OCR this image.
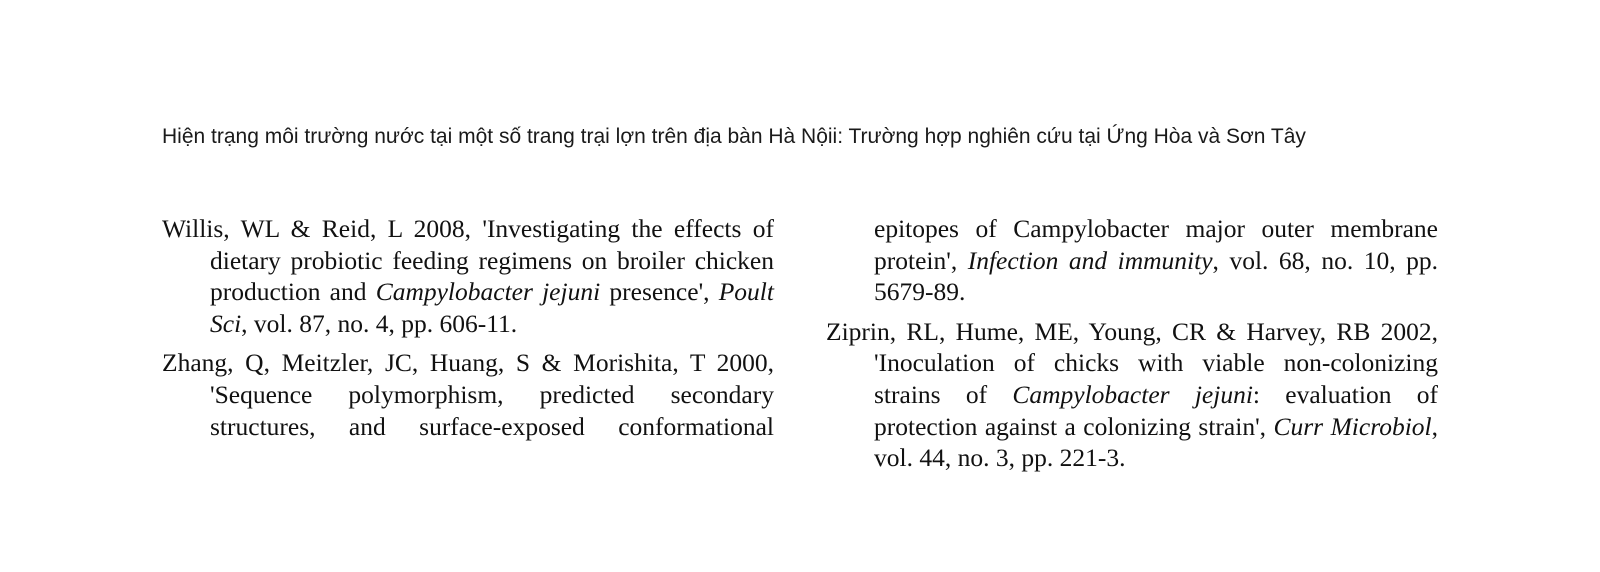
Hiện trạng môi trường nước tại một số trang trại lợn trên địa bàn Hà Nộii: Trường hợp nghiên cứu tại Ứng Hòa và Sơn Tây

Willis, WL & Reid, L 2008, 'Investigating the effects of dietary probiotic feeding regimens on broiler chicken production and Campylobacter jejuni presence', Poult Sci, vol. 87, no. 4, pp. 606-11.

Zhang, Q, Meitzler, JC, Huang, S & Morishita, T 2000, 'Sequence polymorphism, predicted secondary structures, and surface-exposed conformational

epitopes of Campylobacter major outer membrane protein', Infection and immunity, vol. 68, no. 10, pp. 5679-89.

Ziprin, RL, Hume, ME, Young, CR & Harvey, RB 2002, 'Inoculation of chicks with viable non-colonizing strains of Campylobacter jejuni: evaluation of protection against a colonizing strain', Curr Microbiol, vol. 44, no. 3, pp. 221-3.
